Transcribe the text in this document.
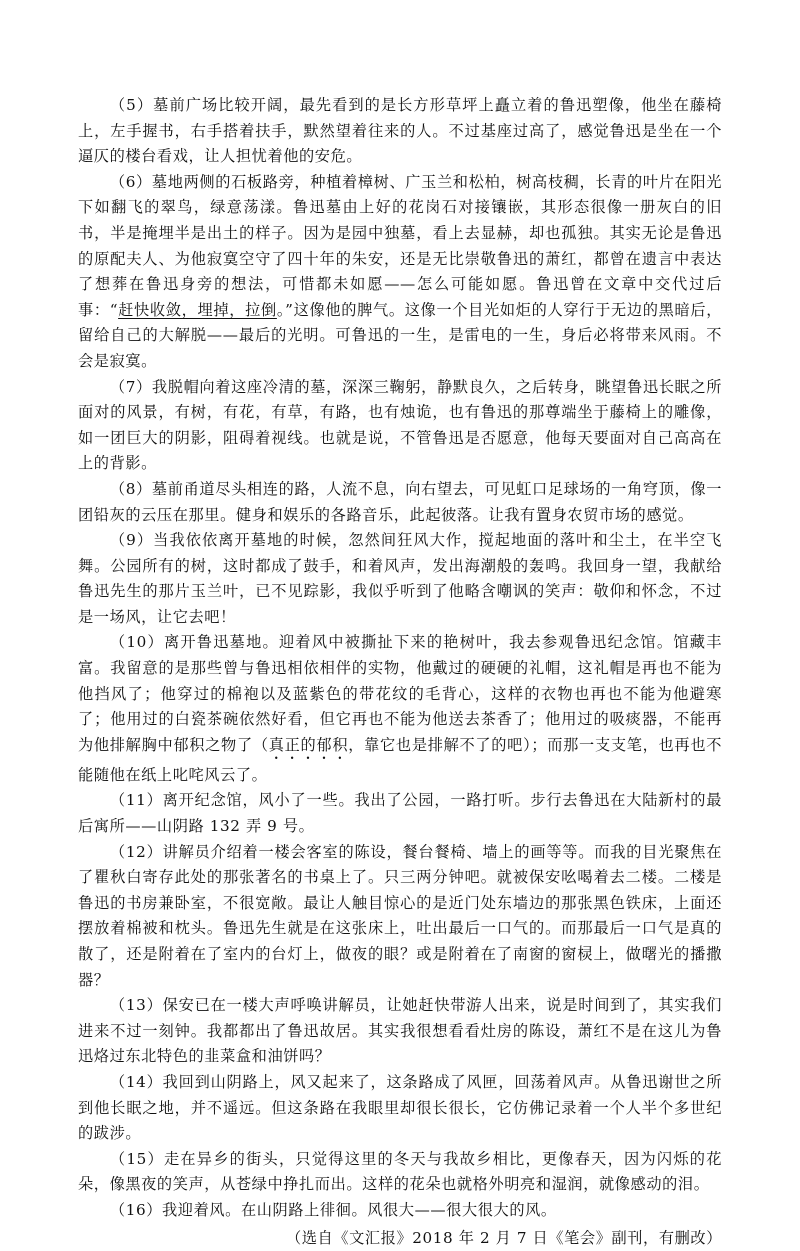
（5）墓前广场比较开阔，最先看到的是长方形草坪上矗立着的鲁迅塑像，他坐在藤椅上，左手握书，右手搭着扶手，默然望着往来的人。不过基座过高了，感觉鲁迅是坐在一个逼仄的楼台看戏，让人担忧着他的安危。

（6）墓地两侧的石板路旁，种植着樟树、广玉兰和松柏，树高枝稠，长青的叶片在阳光下如翻飞的翠鸟，绿意荡漾。鲁迅墓由上好的花岗石对接镶嵌，其形态很像一册灰白的旧书，半是掩埋半是出土的样子。因为是园中独墓，看上去显赫，却也孤独。其实无论是鲁迅的原配夫人、为他寂寞空守了四十年的朱安，还是无比崇敬鲁迅的萧红，都曾在遗言中表达了想葬在鲁迅身旁的想法，可惜都未如愿——怎么可能如愿。鲁迅曾在文章中交代过后事：“赶快收敛，埋掉，拉倒。”这像他的脾气。这像一个目光如炬的人穿行于无边的黑暗后，留给自己的大解脱——最后的光明。可鲁迅的一生，是雷电的一生，身后必将带来风雨。不会是寂寞。

（7）我脱帽向着这座冷清的墓，深深三鞠躬，静默良久，之后转身，眺望鲁迅长眠之所面对的风景，有树，有花，有草，有路，也有烛诡，也有鲁迅的那尊端坐于藤椅上的雕像，如一团巨大的阴影，阻碍着视线。也就是说，不管鲁迅是否愿意，他每天要面对自己高高在上的背影。

（8）墓前甬道尽头相连的路，人流不息，向右望去，可见虹口足球场的一角穹顶，像一团铅灰的云压在那里。健身和娱乐的各路音乐，此起彼落。让我有置身农贸市场的感觉。

（9）当我依依离开墓地的时候，忽然间狂风大作，搅起地面的落叶和尘土，在半空飞舞。公园所有的树，这时都成了鼓手，和着风声，发出海潮般的轰鸣。我回身一望，我献给鲁迅先生的那片玉兰叶，已不见踪影，我似乎听到了他略含嘲讽的笑声：敬仰和怀念，不过是一场风，让它去吧！

（10）离开鲁迅墓地。迎着风中被撕扯下来的艳树叶，我去参观鲁迅纪念馆。馆藏丰富。我留意的是那些曾与鲁迅相依相伴的实物，他戴过的硬硬的礼帽，这礼帽是再也不能为他挡风了；他穿过的棉袍以及蓝紫色的带花纹的毛背心，这样的衣物也再也不能为他避寒了；他用过的白瓷茶碗依然好看，但它再也不能为他送去茶香了；他用过的吸痰器，不能再为他排解胸中郁积之物了（真正的郁积，靠它也是排解不了的吧）；而那一支支笔，也再也不能随他在纸上叱咤风云了。

（11）离开纪念馆，风小了一些。我出了公园，一路打听。步行去鲁迅在大陆新村的最后寓所——山阴路 132 弄 9 号。

（12）讲解员介绍着一楼会客室的陈设，餐台餐椅、墙上的画等等。而我的目光聚焦在了瞿秋白寄存此处的那张著名的书桌上了。只三两分钟吧。就被保安吆喝着去二楼。二楼是鲁迅的书房兼卧室，不很宽敞。最让人触目惊心的是近门处东墙边的那张黑色铁床，上面还摆放着棉被和枕头。鲁迅先生就是在这张床上，吐出最后一口气的。而那最后一口气是真的散了，还是附着在了室内的台灯上，做夜的眼？或是附着在了南窗的窗棂上，做曙光的播撒器？

（13）保安已在一楼大声呼唤讲解员，让她赶快带游人出来，说是时间到了，其实我们进来不过一刻钟。我都都出了鲁迅故居。其实我很想看看灶房的陈设，萧红不是在这儿为鲁迅烙过东北特色的韭菜盒和油饼吗？

（14）我回到山阴路上，风又起来了，这条路成了风匣，回荡着风声。从鲁迅谢世之所到他长眠之地，并不遥远。但这条路在我眼里却很长很长，它仿佛记录着一个人半个多世纪的跋涉。

（15）走在异乡的街头，只觉得这里的冬天与我故乡相比，更像春天，因为闪烁的花朵，像黑夜的笑声，从苍绿中挣扎而出。这样的花朵也就格外明亮和湿润，就像感动的泪。

（16）我迎着风。在山阴路上徘徊。风很大——很大很大的风。

（选自《文汇报》2018 年 2 月 7 日《笔会》副刊，有删改）
